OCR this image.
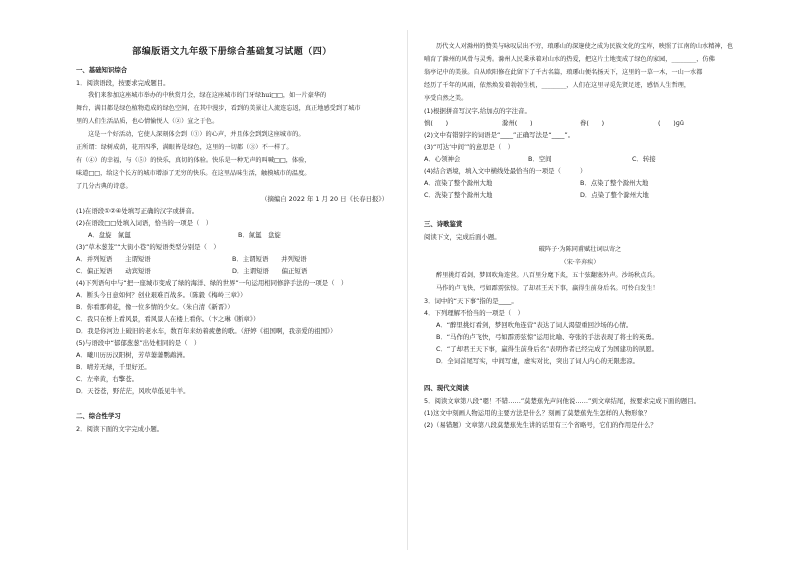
部编版语文九年级下册综合基础复习试题（四）
一、基础知识综合
1．阅读语段，按要求完成题目。
我们来参加这座城市举办的中秋赏月会，绿在这座城市的门牙绿hui□□，如一片豪华的
舞台，满目都是绿色植物造成的绿色空间，在其中漫步，看到的美景让人流连忘返，真正地感受到了城市
里的人们生活品质，也心情愉悦人（②）宣之于色。
这是一个好活动，它使人深刻体会到（①）的心声，并且体会到到这座城市的。
正所谓：绿树成荫，花开四季，满眼皆是绿色，这里的一切都（③）不一样了。
有（④）的幸福，与（⑤）的快乐，真切的体验。快乐是一种无声的叫喊□□，体验，
味道□□，给这个长方的城市增添了无穷的快乐。在这里品味生活，触摸城市的温度。
了几分古典的诗意。
（摘编自 2022 年 1 月 20 日《长春日报》）
(1)在语段①②④处填写正确的汉字或拼音。
(2)在语段□□处填入词语，恰当的一项是（　）
A．盘旋　氤氲	B．氤氲　盘旋
(3)“草木葱茏”“大街小巷”的短语类型分别是（　）
A．并列短语　　主谓短语	B．主谓短语　　并列短语
C．偏正短语　　动宾短语	D．主谓短语　　偏正短语
(4)下列语句中与“把一座城市变成了绿的海洋、绿的世界”一句运用相同修辞手法的一项是（　）
A．断头今日意如何？创业艰难百战多。（陈毅《梅岭三章》）
B．你看那荷花，像一位多情的少女。（朱自清《新晋》）
C．我只在桥上看风景，看风景人在楼上看你。（卞之琳《断章》）
D．我是你河边上破旧的老水车，数百年来纺着疲惫的歌。（舒婷《祖国啊，我亲爱的祖国》）
(5)与语段中“郁郁葱葱”出处相同的是（　）
A．曦川历历汉阳树，芳草萋萋鹦鹉洲。
B．晴芳无绿，千里好还。
C．左牵黄，右擎苍。
D．天苍苍，野茫茫，风吹草低见牛羊。
二、综合性学习
2．阅读下面的文字完成小题。
历代文人对滁州的赞美与咏叹层出不穷，琅琊山的深邃使之成为民族文化的宝库，映照了江南的山水精神，也
哺育了滁州的风骨与灵秀。滁州人民秉承着对山水的热爱，把这片土地变成了绿色的家园，________，仿佛
翁亭记中的美景。自从欧阳修在此留下了千古名篇，琅琊山便名扬天下，这里的一草一木，一山一水都
经历了千年的风雨，依然焕发着勃勃生机，________，人们在这里寻觅先贤足迹，感悟人生哲理，
享受自然之美。
(1)根据拼音写汉字,给加点的字注音。
慎(　　)	滁州(　　)	眷(　　)	(　　)ɡǔ
(2)文中有错别字的词语是“____”正确写法是“____”。
(3)“可达‘中间’”的意思是（　）
A．心领神会	B．空间	C．转接
(4)结合语境，填入文中横线处最恰当的一项是（　　　）
A．渲染了整个滁州大地	B．点染了整个滁州大地
C．洗染了整个滁州大地	D．点染了整个滁州大地
三、诗歌鉴赏
阅读下文，完成后面小题。
破阵子·为陈同甫赋壮词以寄之
（宋·辛弃疾）
醉里挑灯看剑，梦回吹角连营。八百里分麾下炙，五十弦翻塞外声。沙场秋点兵。
马作的卢飞快，弓如霹雳弦惊。了却君王天下事，赢得生前身后名。可怜白发生！
3．词中的“天下事”指的是____。
4．下列理解不恰当的一项是（　）
A．“醉里挑灯看剑，梦回吹角连营”表达了词人渴望重回沙场的心情。
B．“马作的卢飞快，弓如霹雳弦惊”运用比喻、夸张的手法表现了将士的英勇。
C．“了却君王天下事，赢得生前身后名”表明作者已经完成了为国建功的夙愿。
D．全词首尾写实，中间写虚，虚实对比，突出了词人内心的无限悲凉。
四、现代文阅读
5．阅读文章第八段“嗯！不错……”莫楚蕉先声问他说……”到文章结尾，按要求完成下面的题目。
(1)这文中刻画人物运用的主要方法是什么？刻画了莫楚蕉先生怎样的人物形象？
(2)（易错题）文章第八段莫楚蕉先生讲的话里有三个省略号，它们的作用是什么？
